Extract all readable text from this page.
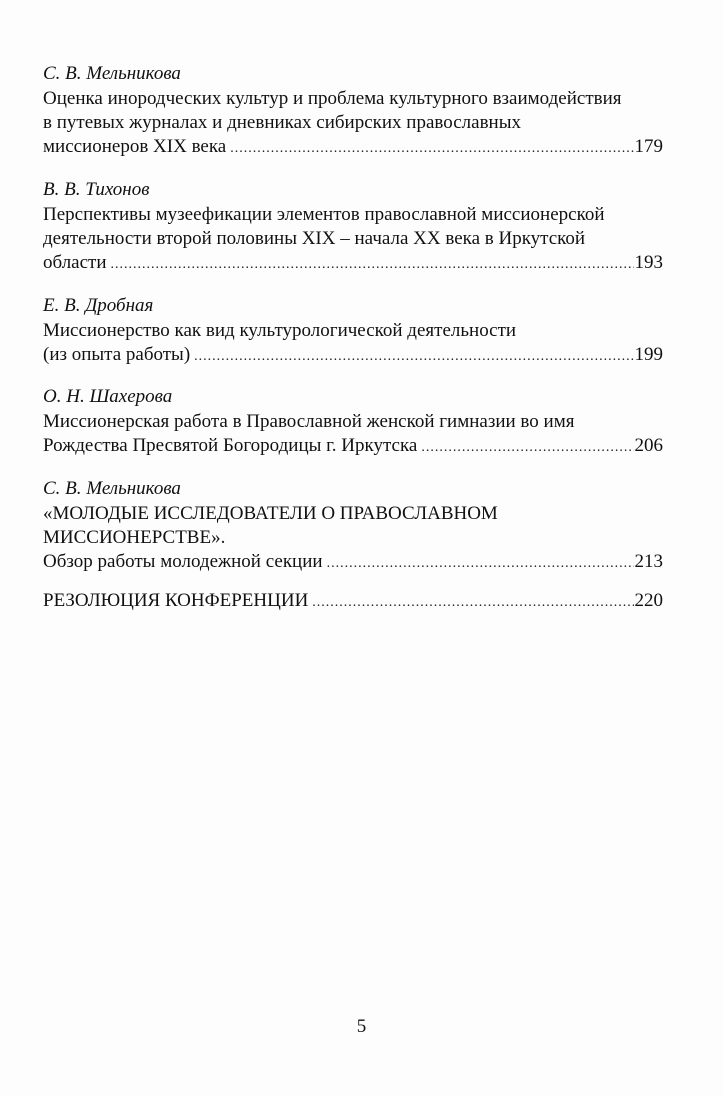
С. В. Мельникова
Оценка инородческих культур и проблема культурного взаимодействия
в путевых журналах и дневниках сибирских православных
миссионеров XIX века .....	179
В. В. Тихонов
Перспективы музеефикации элементов православной миссионерской
деятельности второй половины XIX – начала XX века в Иркутской
области .....	193
Е. В. Дробная
Миссионерство как вид культурологической деятельности
(из опыта работы) .....	199
О. Н. Шахерова
Миссионерская работа в Православной женской гимназии во имя
Рождества Пресвятой Богородицы г. Иркутска .....	206
С. В. Мельникова
«МОЛОДЫЕ ИССЛЕДОВАТЕЛИ О ПРАВОСЛАВНОМ
МИССИОНЕРСТВЕ».
Обзор работы молодежной секции .....	213
РЕЗОЛЮЦИЯ КОНФЕРЕНЦИИ .....	220
5
